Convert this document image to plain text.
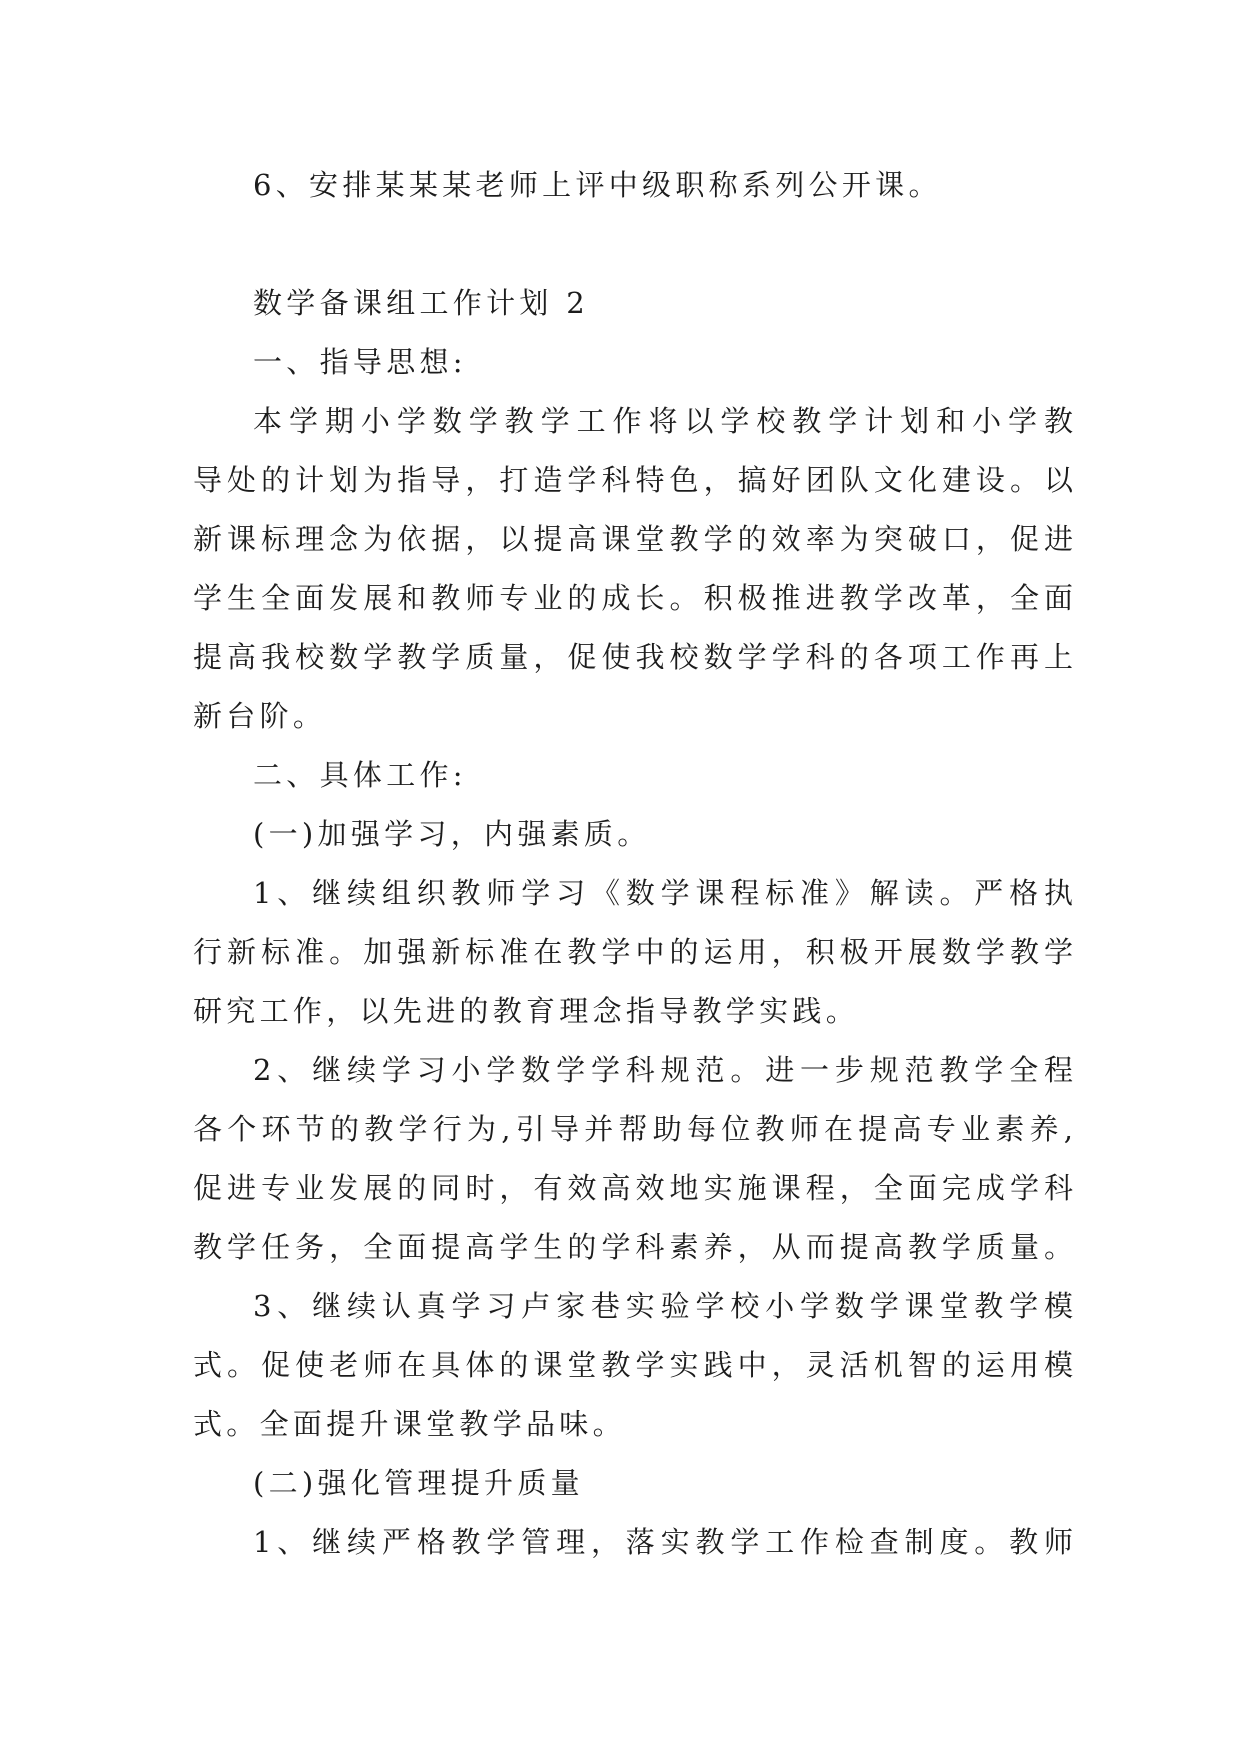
6、安排某某某老师上评中级职称系列公开课。
数学备课组工作计划 2
一、指导思想:
本学期小学数学教学工作将以学校教学计划和小学教
导处的计划为指导，打造学科特色，搞好团队文化建设。以
新课标理念为依据，以提高课堂教学的效率为突破口，促进
学生全面发展和教师专业的成长。积极推进教学改革，全面
提高我校数学教学质量，促使我校数学学科的各项工作再上
新台阶。
二、具体工作:
(一)加强学习，内强素质。
1、继续组织教师学习《数学课程标准》解读。严格执
行新标准。加强新标准在教学中的运用，积极开展数学教学
研究工作，以先进的教育理念指导教学实践。
2、继续学习小学数学学科规范。进一步规范教学全程
各个环节的教学行为,引导并帮助每位教师在提高专业素养,
促进专业发展的同时，有效高效地实施课程，全面完成学科
教学任务，全面提高学生的学科素养，从而提高教学质量。
3、继续认真学习卢家巷实验学校小学数学课堂教学模
式。促使老师在具体的课堂教学实践中，灵活机智的运用模
式。全面提升课堂教学品味。
(二)强化管理提升质量
1、继续严格教学管理，落实教学工作检查制度。教师
